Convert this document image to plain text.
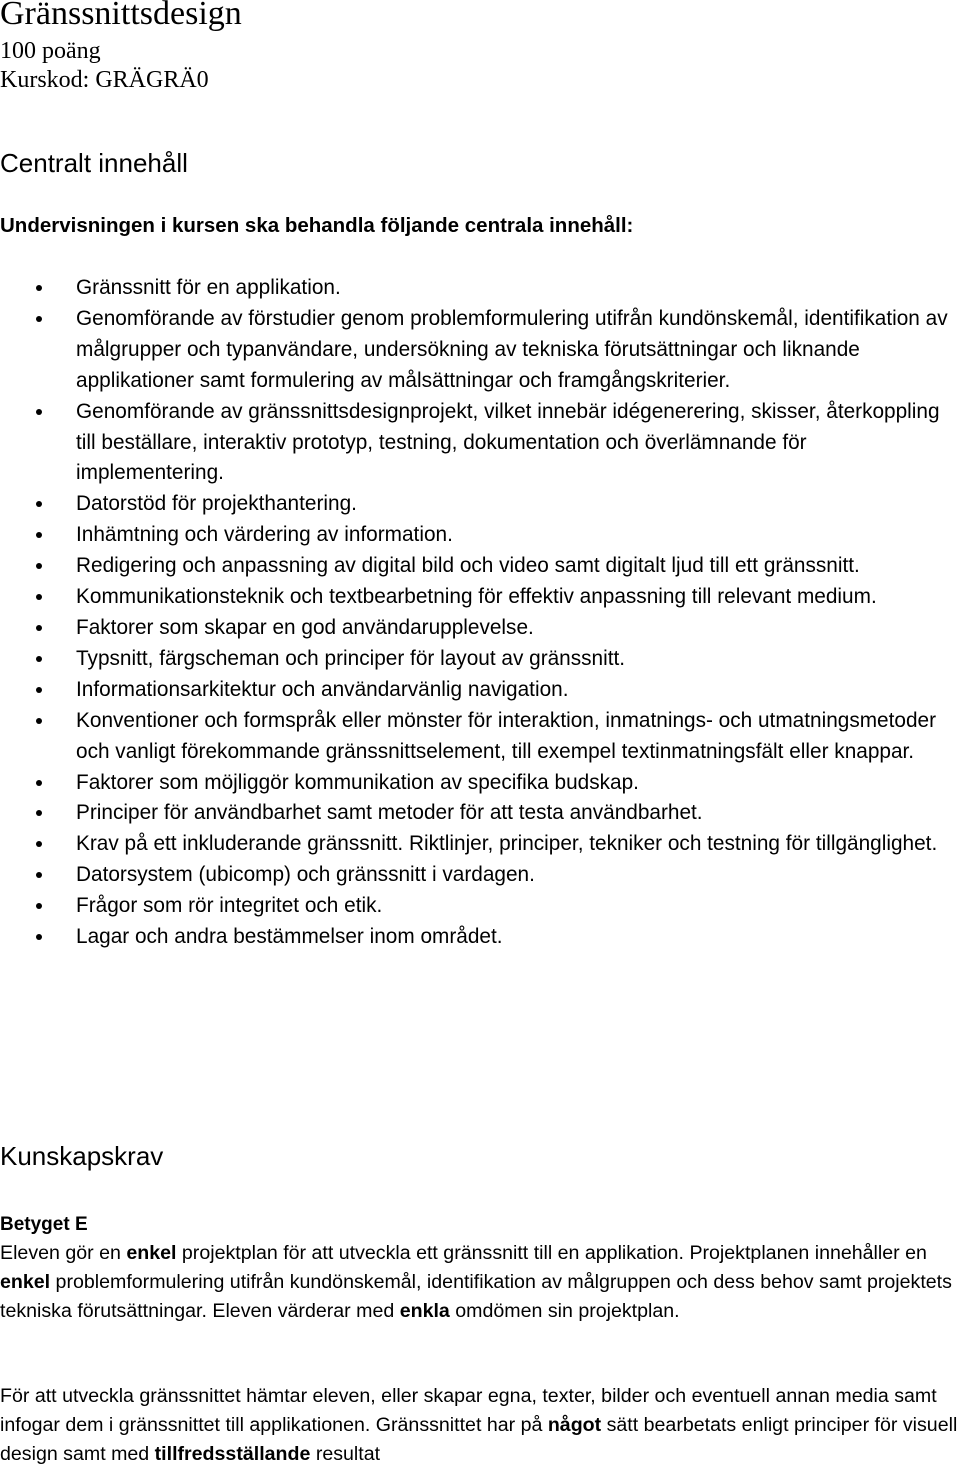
Gränssnittsdesign
100 poäng
Kurskod: GRÄGRÄ0
Centralt innehåll
Undervisningen i kursen ska behandla följande centrala innehåll:
Gränssnitt för en applikation.
Genomförande av förstudier genom problemformulering utifrån kundönskemål, identifikation av målgrupper och typanvändare, undersökning av tekniska förutsättningar och liknande applikationer samt formulering av målsättningar och framgångskriterier.
Genomförande av gränssnittsdesignprojekt, vilket innebär idégenerering, skisser, återkoppling till beställare, interaktiv prototyp, testning, dokumentation och överlämnande för implementering.
Datorstöd för projekthantering.
Inhämtning och värdering av information.
Redigering och anpassning av digital bild och video samt digitalt ljud till ett gränssnitt.
Kommunikationsteknik och textbearbetning för effektiv anpassning till relevant medium.
Faktorer som skapar en god användarupplevelse.
Typsnitt, färgscheman och principer för layout av gränssnitt.
Informationsarkitektur och användarvänlig navigation.
Konventioner och formspråk eller mönster för interaktion, inmatnings- och utmatningsmetoder och vanligt förekommande gränssnittselement, till exempel textinmatningsfält eller knappar.
Faktorer som möjliggör kommunikation av specifika budskap.
Principer för användbarhet samt metoder för att testa användbarhet.
Krav på ett inkluderande gränssnitt. Riktlinjer, principer, tekniker och testning för tillgänglighet.
Datorsystem (ubicomp) och gränssnitt i vardagen.
Frågor som rör integritet och etik.
Lagar och andra bestämmelser inom området.
Kunskapskrav
Betyget E
Eleven gör en enkel projektplan för att utveckla ett gränssnitt till en applikation. Projektplanen innehåller en enkel problemformulering utifrån kundönskemål, identifikation av målgruppen och dess behov samt projektets tekniska förutsättningar. Eleven värderar med enkla omdömen sin projektplan.
För att utveckla gränssnittet hämtar eleven, eller skapar egna, texter, bilder och eventuell annan media samt infogar dem i gränssnittet till applikationen. Gränssnittet har på något sätt bearbetats enligt principer för visuell design samt med tillfredsställande resultat
